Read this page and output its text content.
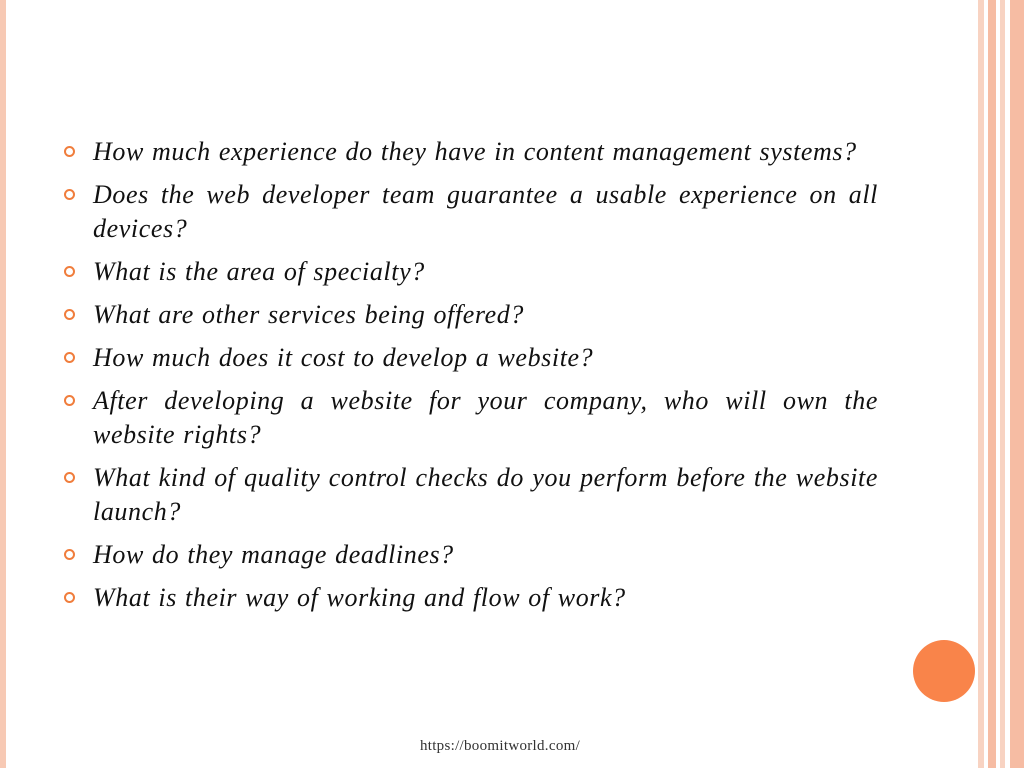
How much experience do they have in content management systems?
Does the web developer team guarantee a usable experience on all devices?
What is the area of specialty?
What are other services being offered?
How much does it cost to develop a website?
After developing a website for your company, who will own the website rights?
What kind of quality control checks do you perform before the website launch?
How do they manage deadlines?
What is their way of working and flow of work?
https://boomitworld.com/
